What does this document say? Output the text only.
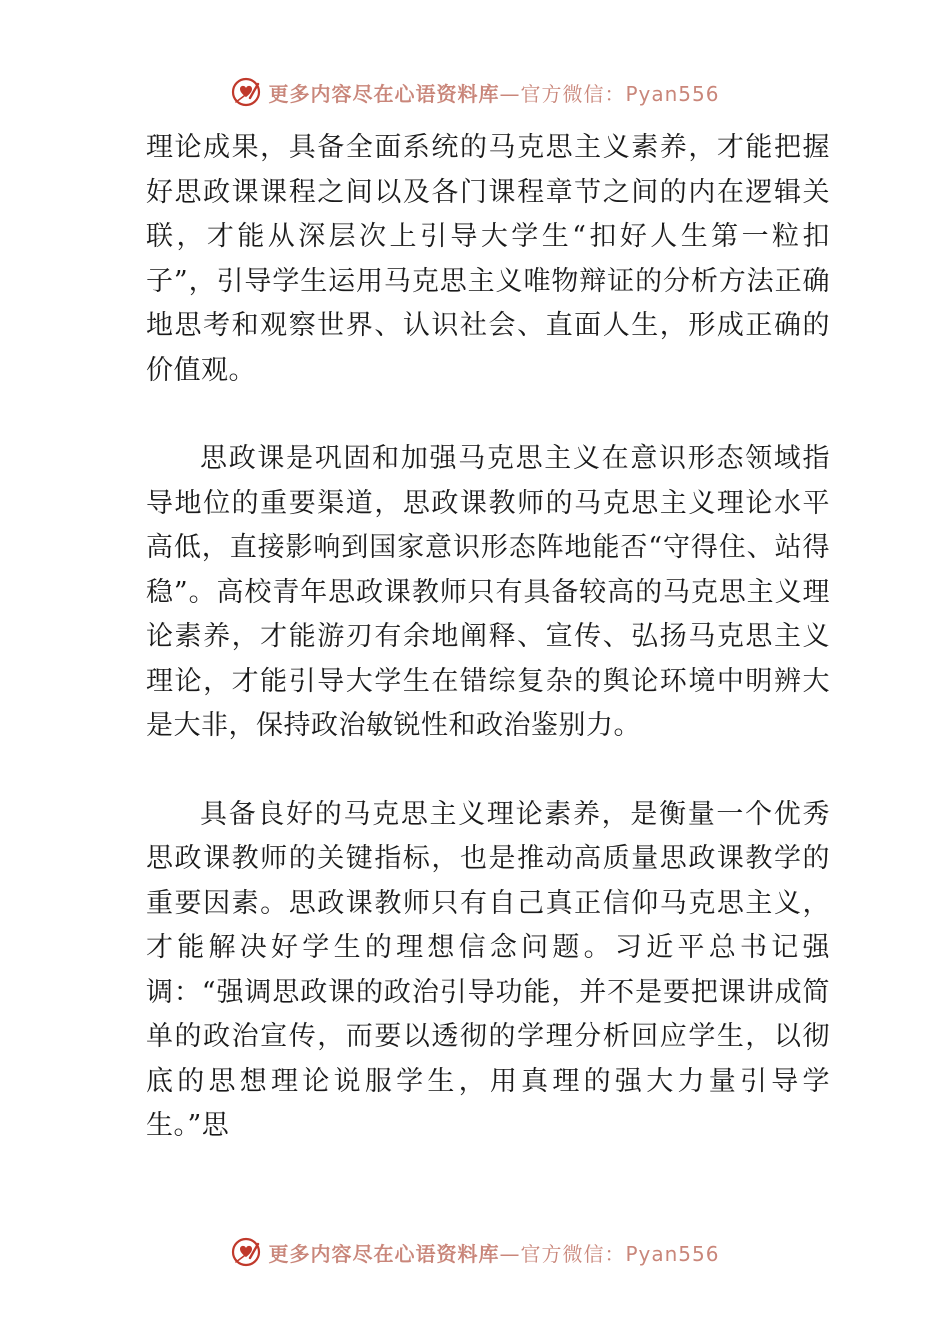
更多内容尽在心语资料库—官方微信：Pyan556

理论成果，具备全面系统的马克思主义素养，才能把握好思政课课程之间以及各门课程章节之间的内在逻辑关联，才能从深层次上引导大学生“扣好人生第一粒扣子”，引导学生运用马克思主义唯物辩证的分析方法正确地思考和观察世界、认识社会、直面人生，形成正确的价值观。

思政课是巩固和加强马克思主义在意识形态领域指导地位的重要渠道，思政课教师的马克思主义理论水平高低，直接影响到国家意识形态阵地能否“守得住、站得稳”。高校青年思政课教师只有具备较高的马克思主义理论素养，才能游刃有余地阐释、宣传、弘扬马克思主义理论，才能引导大学生在错综复杂的舆论环境中明辨大是大非，保持政治敏锐性和政治鉴别力。

具备良好的马克思主义理论素养，是衡量一个优秀思政课教师的关键指标，也是推动高质量思政课教学的重要因素。思政课教师只有自己真正信仰马克思主义， 才能解决好学生的理想信念问题。习近平总书记强调：“强调思政课的政治引导功能，并不是要把课讲成简单的政治宣传，而要以透彻的学理分析回应学生，以彻底的思想理论说服学生，用真理的强大力量引导学生。”思

更多内容尽在心语资料库—官方微信：Pyan556
